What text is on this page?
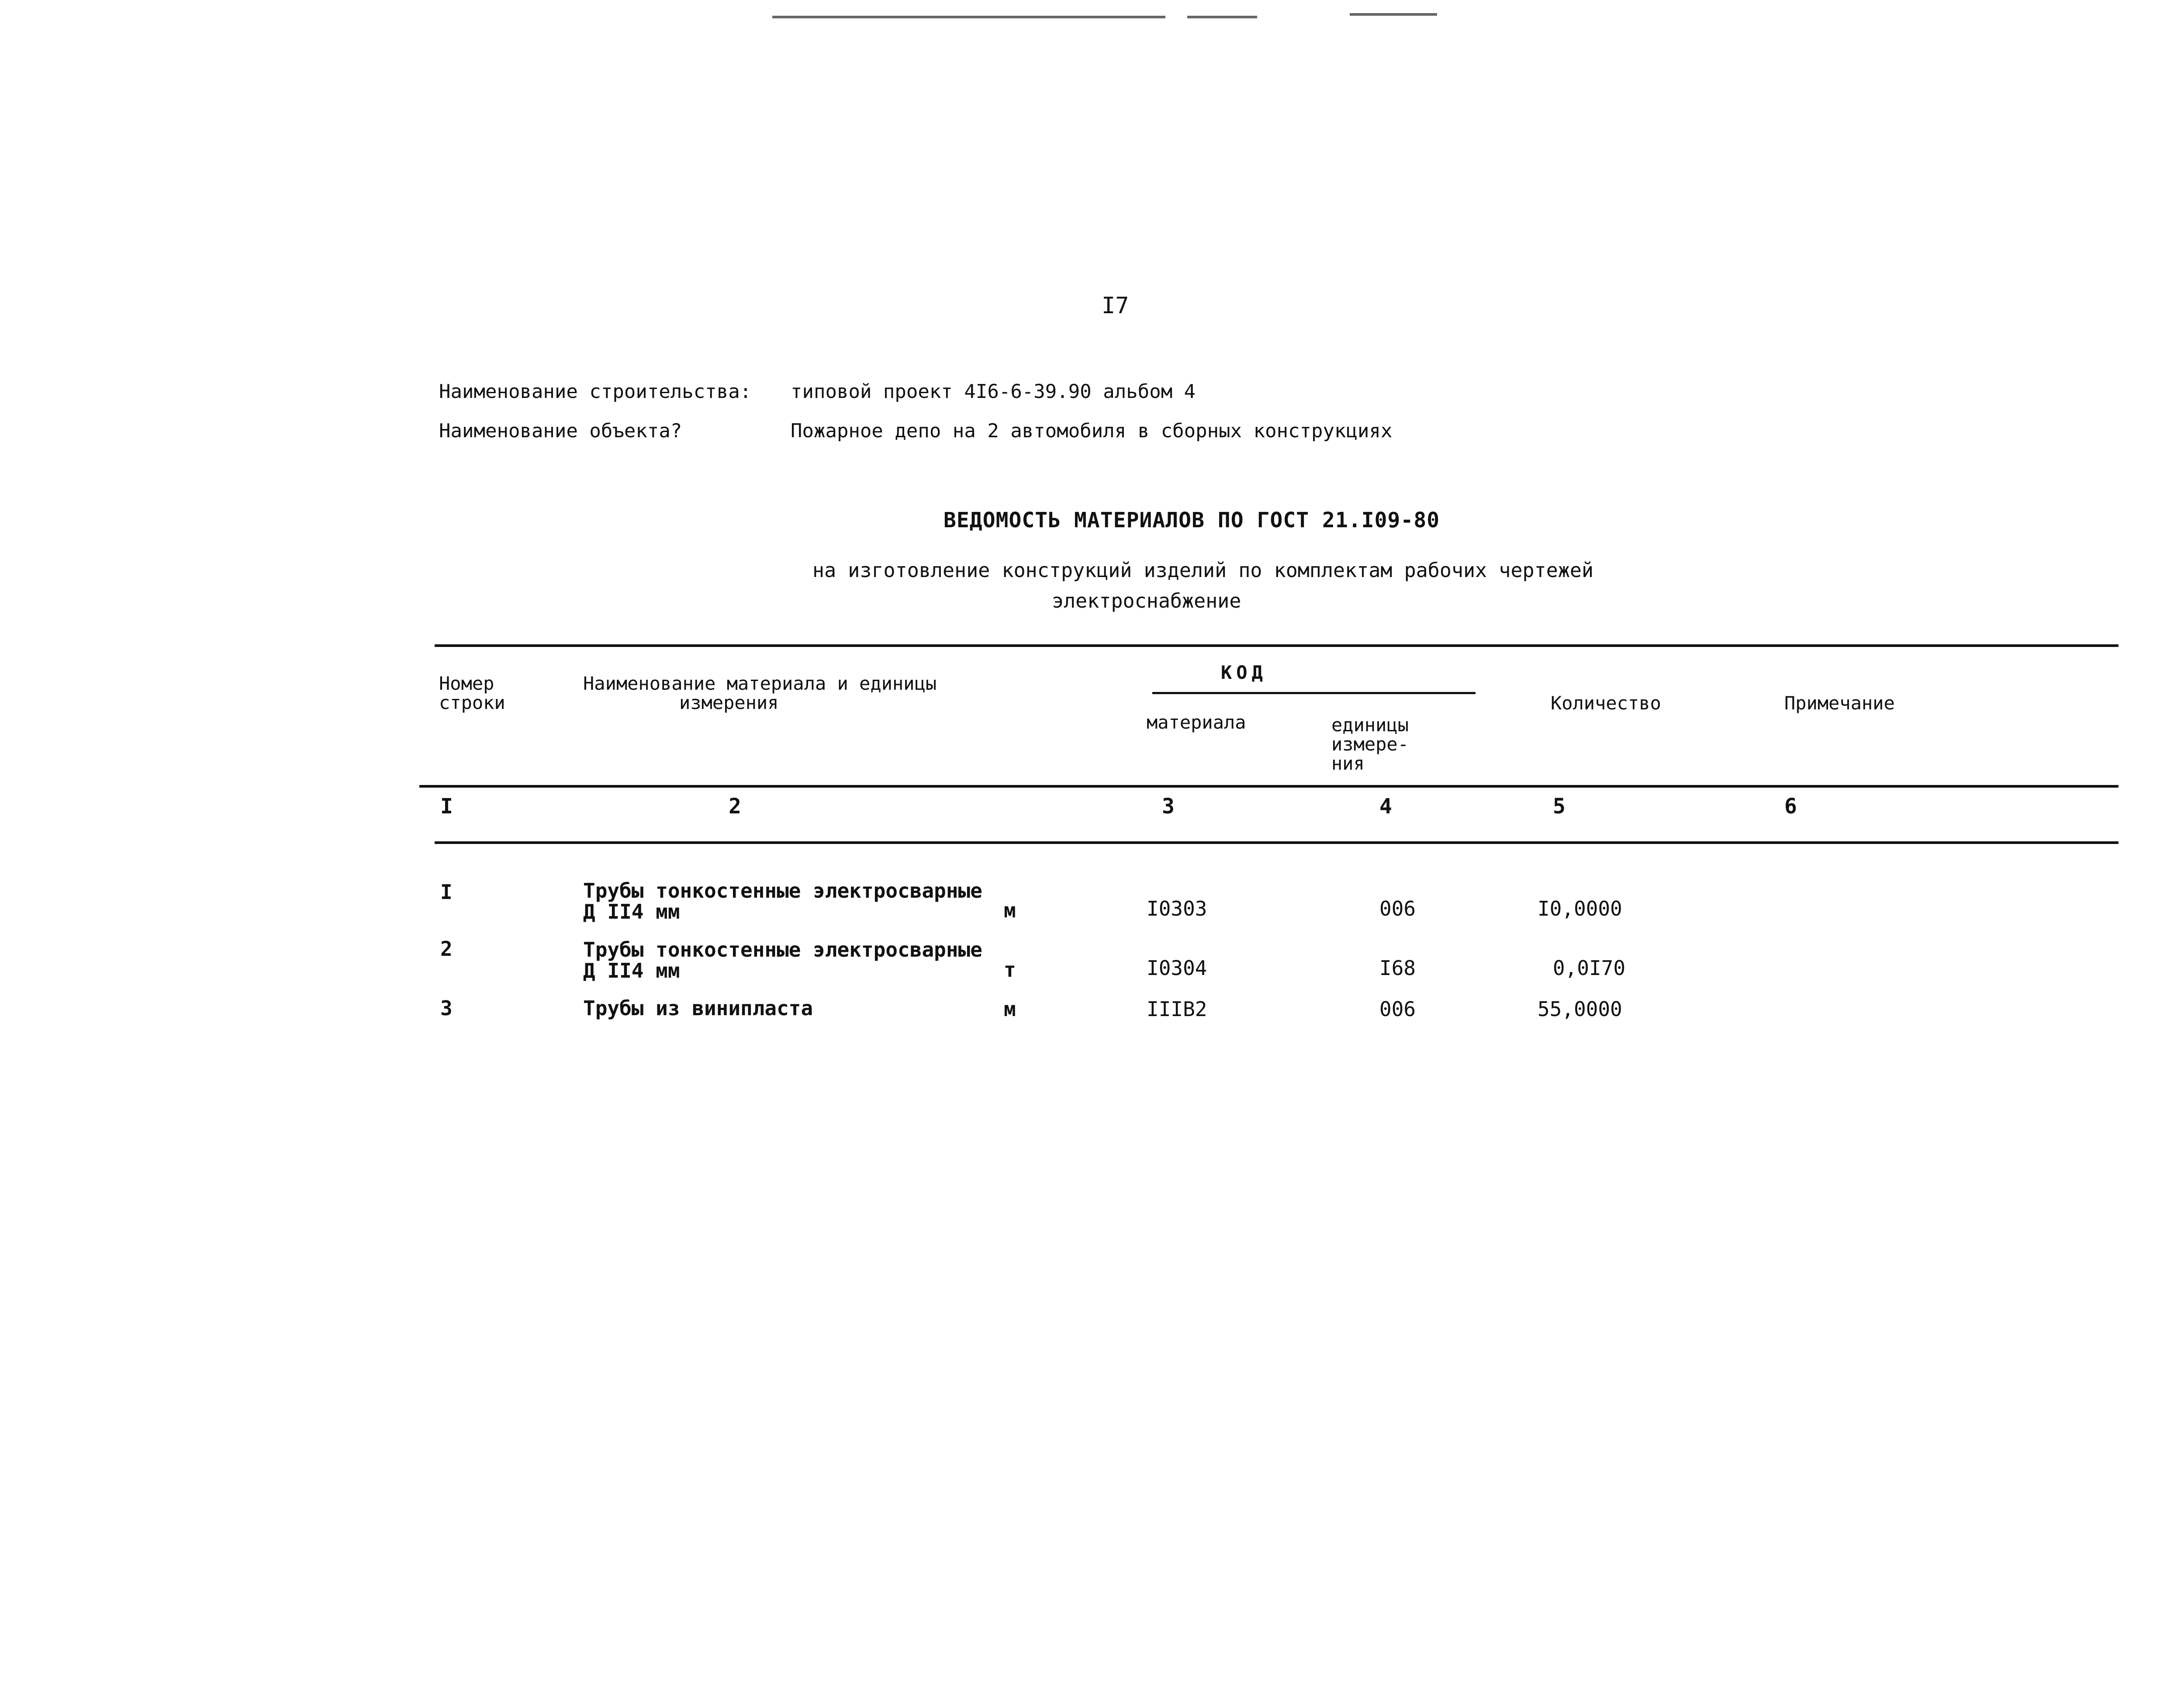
I7
Наименование строительства: типовой проект 4I6-6-39.90 альбом 4
Наименование объекта?	Пожарное депо на 2 автомобиля в сборных конструкциях
ВЕДОМОСТЬ МАТЕРИАЛОВ ПО ГОСТ 21.I09-80
на изготовление конструкций изделий по комплектам рабочих чертежей
электроснабжение
Номер
строки
Наименование материала и единицы
измерения
КОД
материала	единицы
измере-
ния
Количество	Примечание
I	2	3	4	5	6
I	Трубы тонкостенные электросварные
Д II4 мм	м	I0303	006	I0,0000
2	Трубы тонкостенные электросварные
Д II4 мм	т	I0304	I68	0,0I70
3	Трубы из винипласта	м	IIIB2	006	55,0000
